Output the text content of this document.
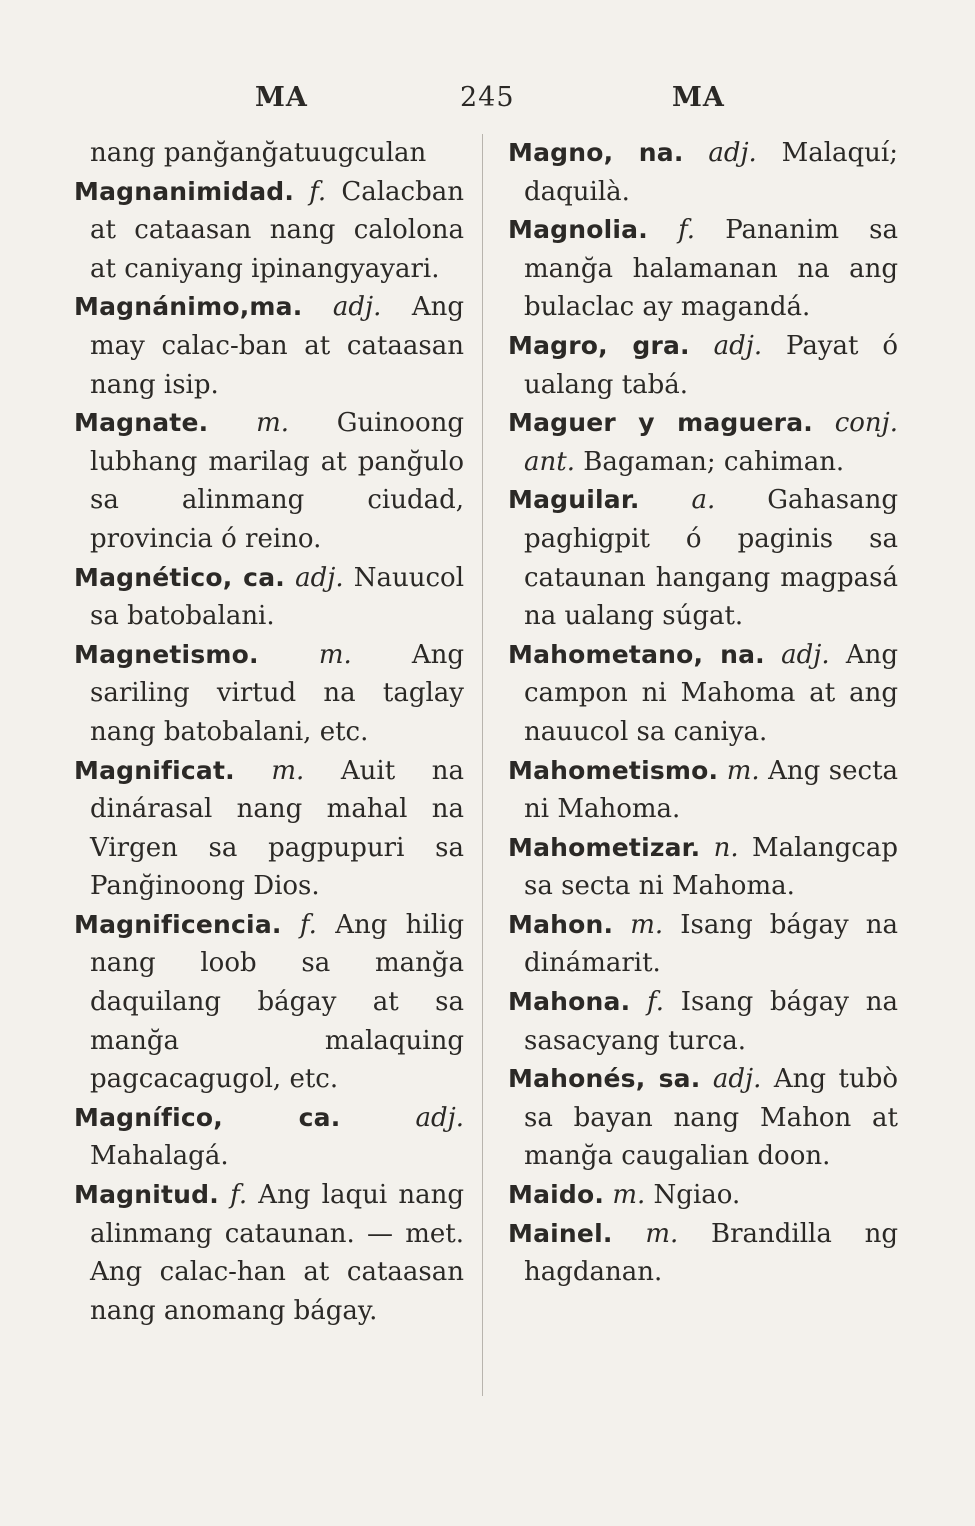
MA	245	MA
nang panğanğatuugculan
Magnanimidad. f. Calacban at cataasan nang calolona at caniyang ipinangyayari.
Magnánimo,ma. adj. Ang may calac-ban at cataasan nang isip.
Magnate. m. Guinoong lubhang marilag at panğulo sa alinmang ciudad, provincia ó reino.
Magnético, ca. adj. Nauucol sa batobalani.
Magnetismo. m. Ang sariling virtud na taglay nang batobalani, etc.
Magnificat. m. Auit na dinárasal nang mahal na Virgen sa pagpupuri sa Panğinoong Dios.
Magnificencia. f. Ang hilig nang loob sa manğa daquilang bágay at sa manğa malaquing pagcacagugol, etc.
Magnífico, ca.	adj. Mahalagá.
Magnitud. f. Ang laqui nang alinmang cataunan. — met. Ang calac-han at cataasan nang anomang bágay.
Magno, na. adj. Malaquí; daquilà.
Magnolia. f. Pananim sa manğa halamanan na ang bulaclac ay magandá.
Magro, gra. adj. Payat ó ualang tabá.
Maguer y maguera. conj. ant. Bagaman; cahiman.
Maguilar. a. Gahasang paghigpit ó paginis sa cataunan hangang magpasá na ualang súgat.
Mahometano, na. adj. Ang campon ni Mahoma at ang nauucol sa caniya.
Mahometismo. m. Ang secta ni Mahoma.
Mahometizar. n. Malangcap sa secta ni Mahoma.
Mahon. m. Isang bágay na dinámarit.
Mahona. f. Isang bágay na sasacyang turca.
Mahonés, sa. adj. Ang tubò sa bayan nang Mahon at manğa caugalian doon.
Maido. m. Ngiao.
Mainel. m. Brandilla ng hagdanan.
